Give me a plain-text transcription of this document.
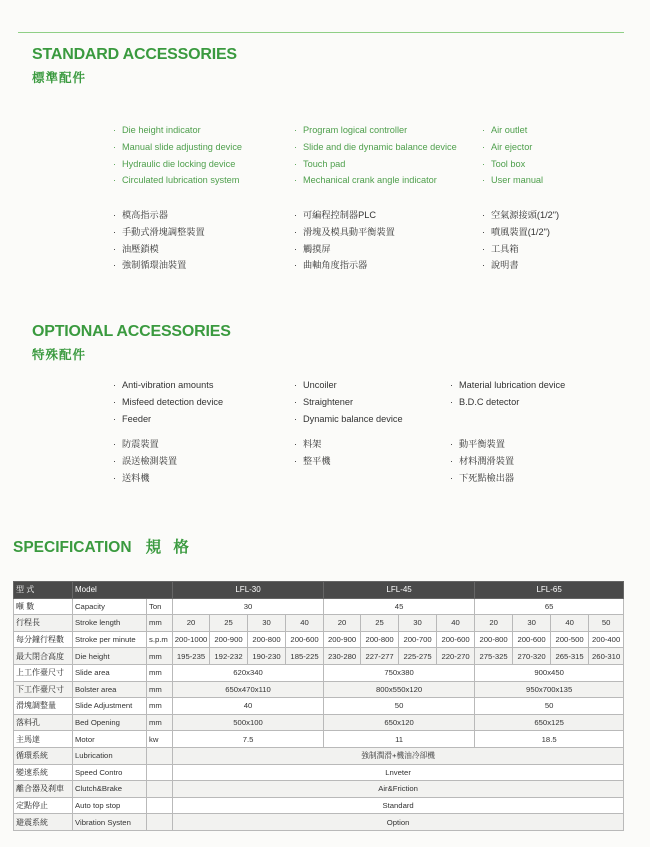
STANDARD ACCESSORIES
標準配件
· Die height indicator
· Manual slide adjusting device
· Hydraulic die locking device
· Circulated lubrication system
· Program logical controller
· Slide and die dynamic balance device
· Touch pad
· Mechanical crank angle indicator
· Air outlet
· Air ejector
· Tool box
· User manual
· 模高指示器
· 手動式滑塊調整裝置
· 油壓鎖模
· 強制循環油裝置
· 可編程控制器PLC
· 滑塊及模具動平衡裝置
· 觸摸屏
· 曲軸角度指示器
· 空氣源接頭(1/2")
· 噴風裝置(1/2")
· 工具箱
· 說明書
OPTIONAL ACCESSORIES
特殊配件
· Anti-vibration amounts
· Misfeed detection device
· Feeder
· Uncoiler
· Straightener
· Dynamic balance device
· Material lubrication device
· B.D.C detector
· 防震裝置
· 誤送檢測裝置
· 送料機
· 料架
· 整平機
· 動平衡裝置
· 材料潤滑裝置
· 下死點檢出器
SPECIFICATION 規 格
型 式	Model		LFL-30				LFL-45				LFL-65			
噸 數	Capacity	Ton	30				45				65			
行程長	Stroke length	mm	20	25	30	40	20	25	30	40		20	30	40	50
每分鐘行程數	Stroke per minute	s.p.m	200-1000	200-900	200-800	200-600	200-900	200-800	200-700	200-600		200-800	200-600	200-500	200-400
最大閉合高度	Die height	mm	195-235	192-232	190-230	185-225	230-280	227-277	225-275	220-270		275-325	270-320	265-315	260-310
上工作臺尺寸	Slide area	mm	620x340				750x380				900x450			
下工作臺尺寸	Bolster area	mm	650x470x110				800x550x120				950x700x135			
滑塊調整量	Slide Adjustment	mm	40				50				50			
落料孔	Bed Opening	mm	500x100				650x120				650x125			
主馬達	Motor	kw	7.5				11				18.5			
循環系統	Lubrication		強制潤滑+機油冷卻機											
變速系統	Speed Contro		Lnveter											
離合器及刹車	Clutch&Brake		Air&Friction											
定點停止	Auto top stop		Standard											
避震系統	Vibration Systen		Option											
